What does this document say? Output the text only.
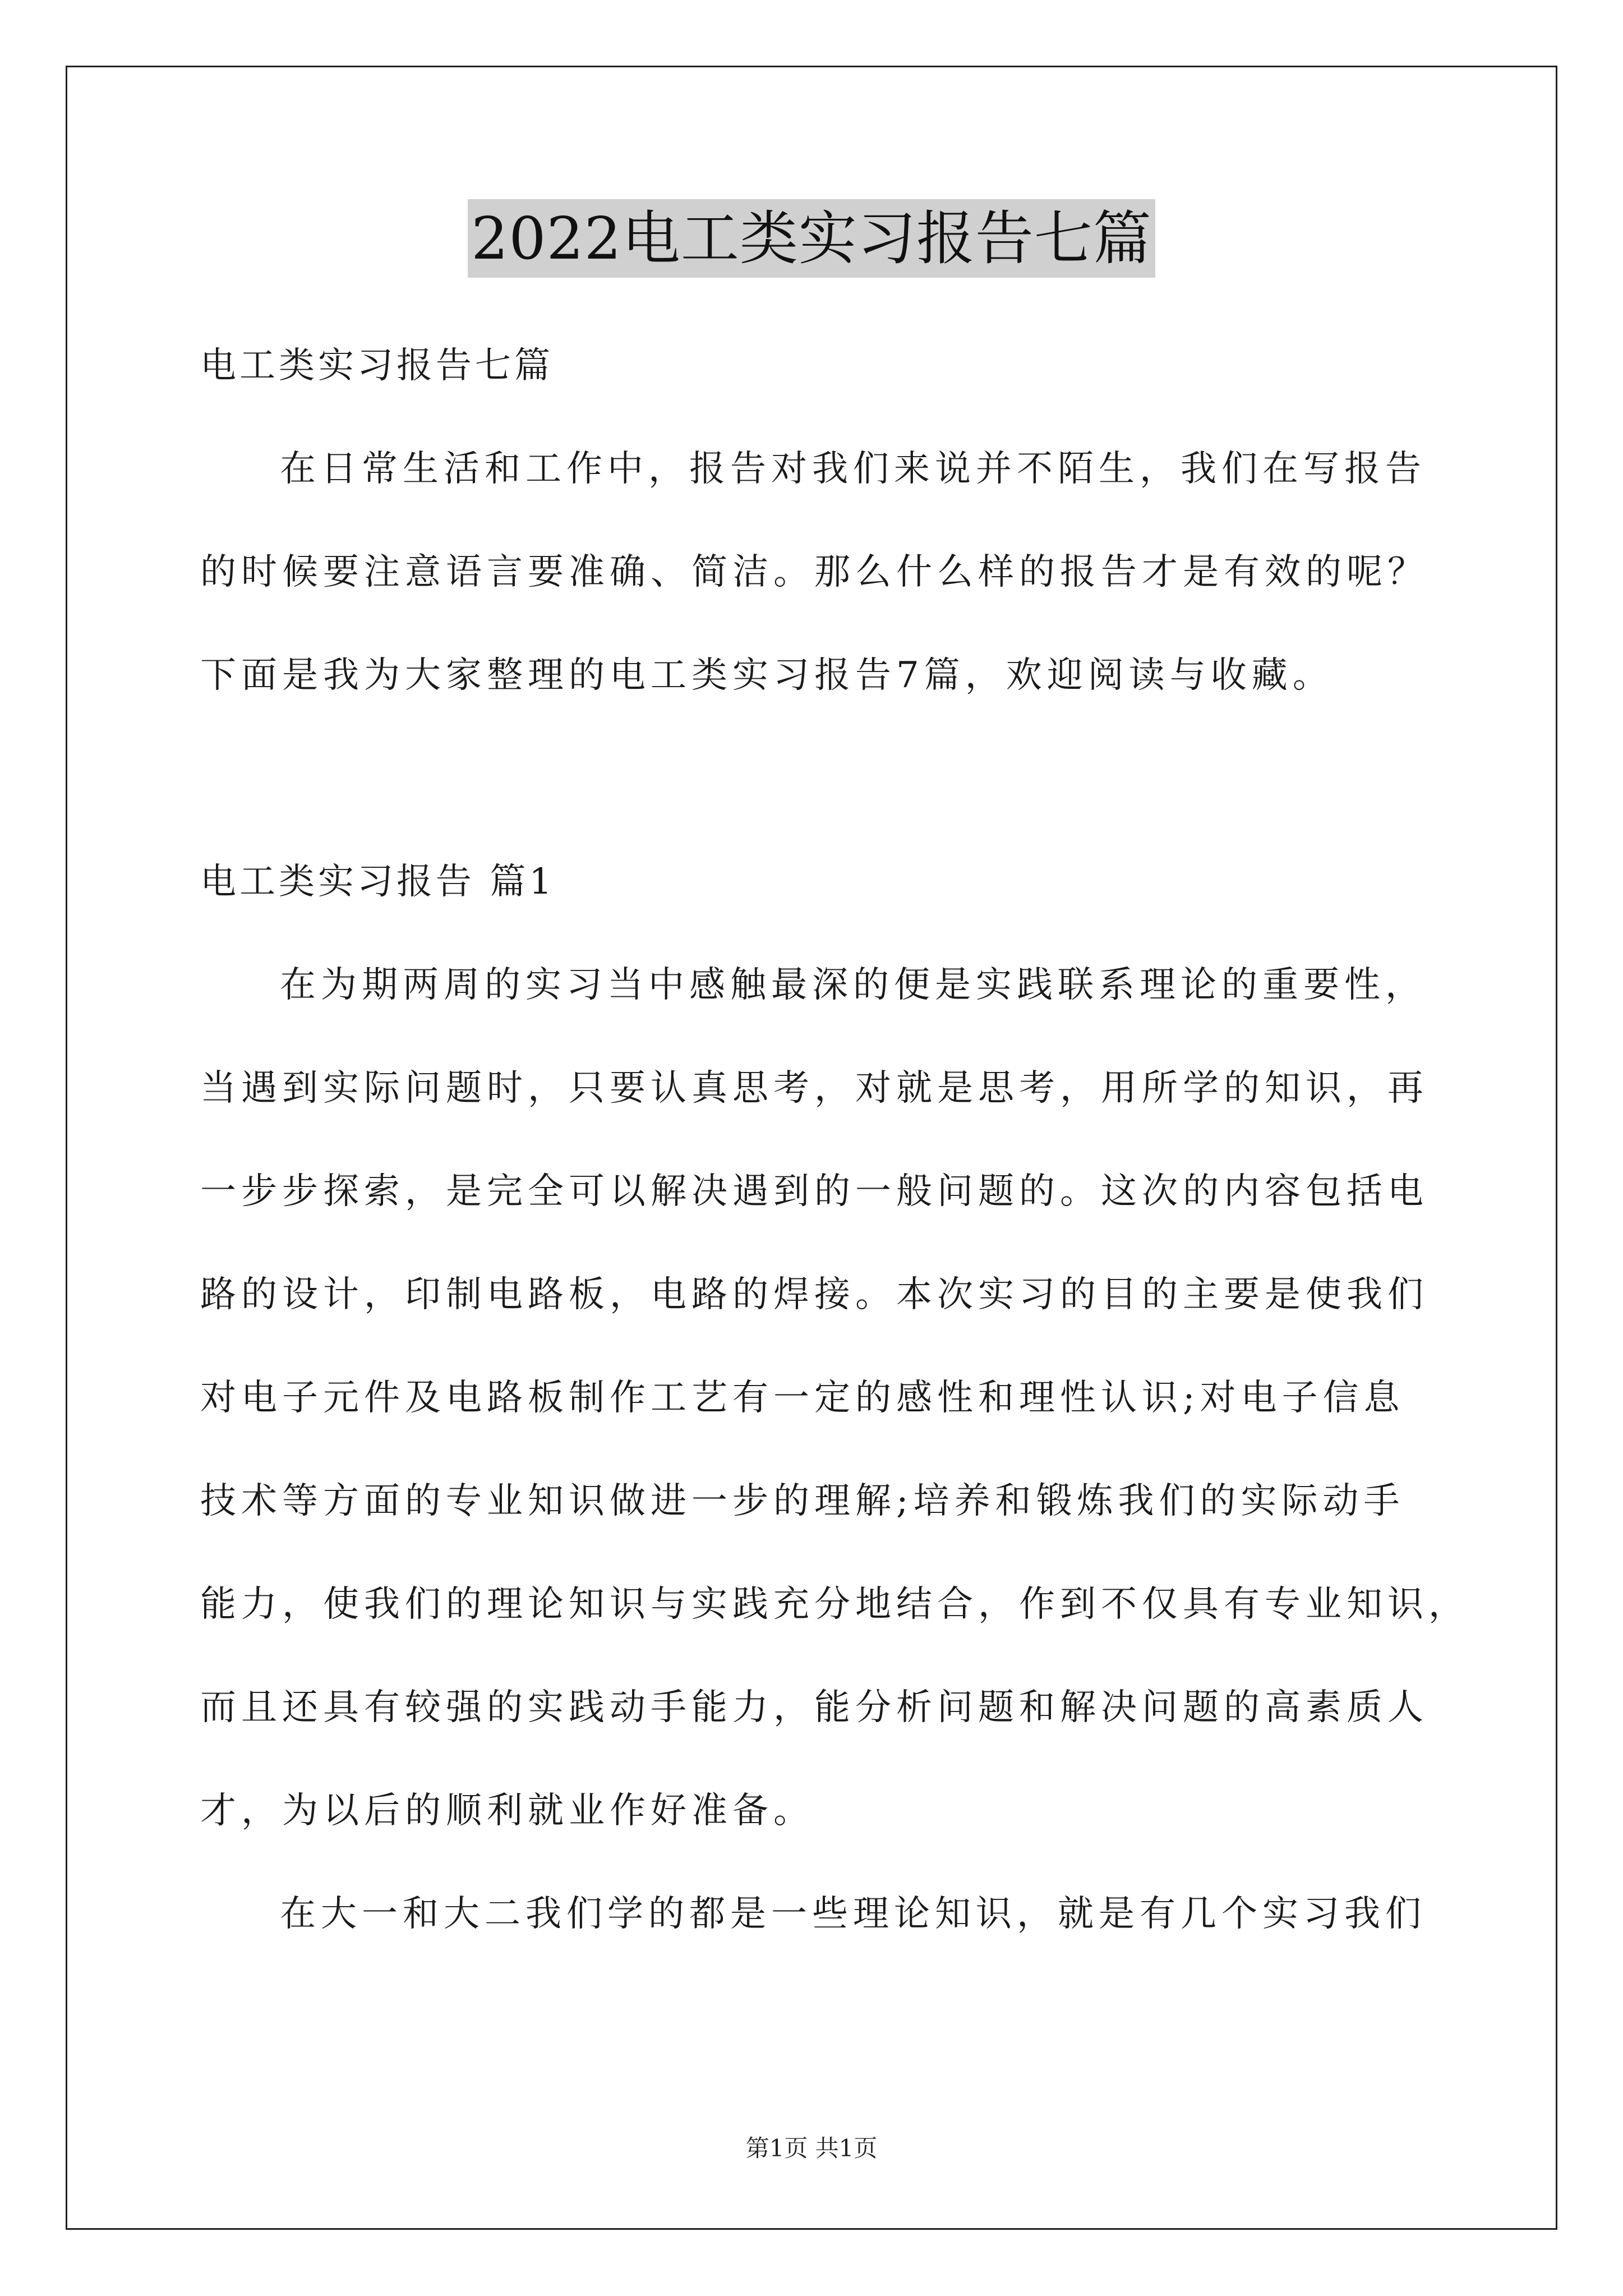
2022电工类实习报告七篇
电工类实习报告七篇
在日常生活和工作中，报告对我们来说并不陌生，我们在写报告
的时候要注意语言要准确、简洁。那么什么样的报告才是有效的呢？
下面是我为大家整理的电工类实习报告7篇，欢迎阅读与收藏。
电工类实习报告 篇1
在为期两周的实习当中感触最深的便是实践联系理论的重要性，
当遇到实际问题时，只要认真思考，对就是思考，用所学的知识，再
一步步探索，是完全可以解决遇到的一般问题的。这次的内容包括电
路的设计，印制电路板，电路的焊接。本次实习的目的主要是使我们
对电子元件及电路板制作工艺有一定的感性和理性认识;对电子信息
技术等方面的专业知识做进一步的理解;培养和锻炼我们的实际动手
能力，使我们的理论知识与实践充分地结合，作到不仅具有专业知识，
而且还具有较强的实践动手能力，能分析问题和解决问题的高素质人
才，为以后的顺利就业作好准备。
在大一和大二我们学的都是一些理论知识，就是有几个实习我们
第1页 共1页
